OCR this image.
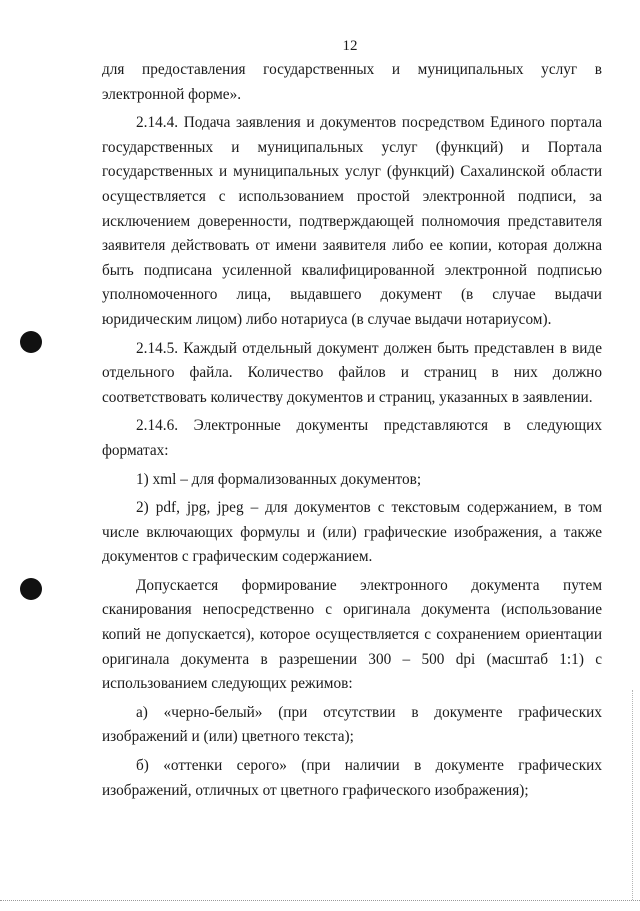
12

для предоставления государственных и муниципальных услуг в электронной форме».

2.14.4. Подача заявления и документов посредством Единого портала государственных и муниципальных услуг (функций) и Портала государственных и муниципальных услуг (функций) Сахалинской области осуществляется с использованием простой электронной подписи, за исключением доверенности, подтверждающей полномочия представителя заявителя действовать от имени заявителя либо ее копии, которая должна быть подписана усиленной квалифицированной электронной подписью уполномоченного лица, выдавшего документ (в случае выдачи юридическим лицом) либо нотариуса (в случае выдачи нотариусом).

2.14.5. Каждый отдельный документ должен быть представлен в виде отдельного файла. Количество файлов и страниц в них должно соответствовать количеству документов и страниц, указанных в заявлении.

2.14.6. Электронные документы представляются в следующих форматах:

1) xml – для формализованных документов;

2) pdf, jpg, jpeg – для документов с текстовым содержанием, в том числе включающих формулы и (или) графические изображения, а также документов с графическим содержанием.

Допускается формирование электронного документа путем сканирования непосредственно с оригинала документа (использование копий не допускается), которое осуществляется с сохранением ориентации оригинала документа в разрешении 300 – 500 dpi (масштаб 1:1) с использованием следующих режимов:

а) «черно-белый» (при отсутствии в документе графических изображений и (или) цветного текста);

б) «оттенки серого» (при наличии в документе графических изображений, отличных от цветного графического изображения);
